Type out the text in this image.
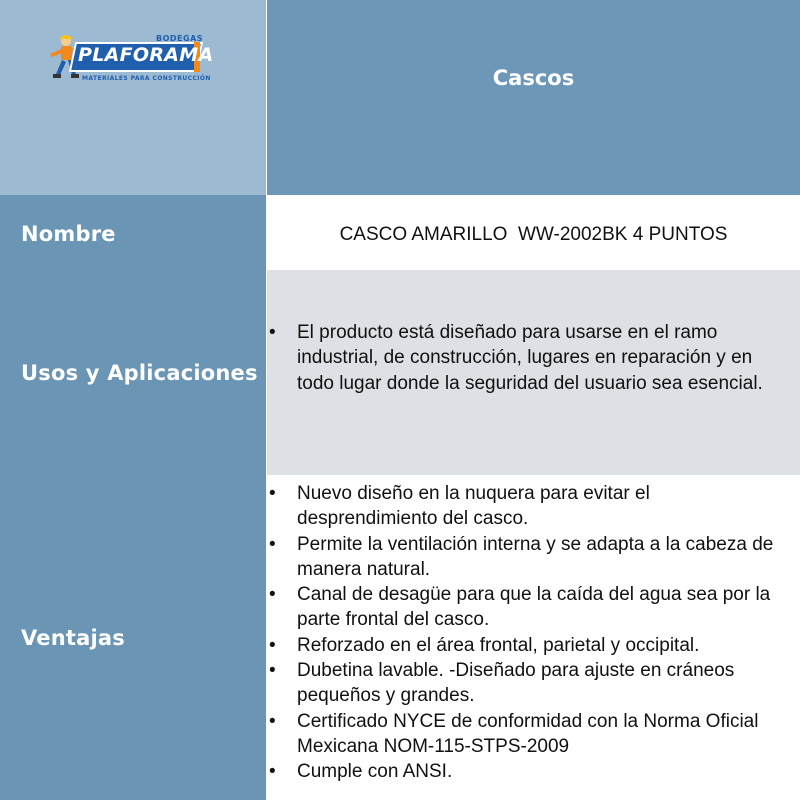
BODEGAS
PLAFORAMA
MATERIALES PARA CONSTRUCCIÓN	Cascos
Nombre	CASCO AMARILLO  WW-2002BK 4 PUNTOS
Usos y Aplicaciones
• El producto está diseñado para usarse en el ramo industrial, de construcción, lugares en reparación y en todo lugar donde la seguridad del usuario sea esencial.
Ventajas
• Nuevo diseño en la nuquera para evitar el desprendimiento del casco.
• Permite la ventilación interna y se adapta a la cabeza de manera natural.
• Canal de desagüe para que la caída del agua sea por la parte frontal del casco.
• Reforzado en el área frontal, parietal y occipital.
• Dubetina lavable. -Diseñado para ajuste en cráneos pequeños y grandes.
• Certificado NYCE de conformidad con la Norma Oficial Mexicana NOM-115-STPS-2009
• Cumple con ANSI.
